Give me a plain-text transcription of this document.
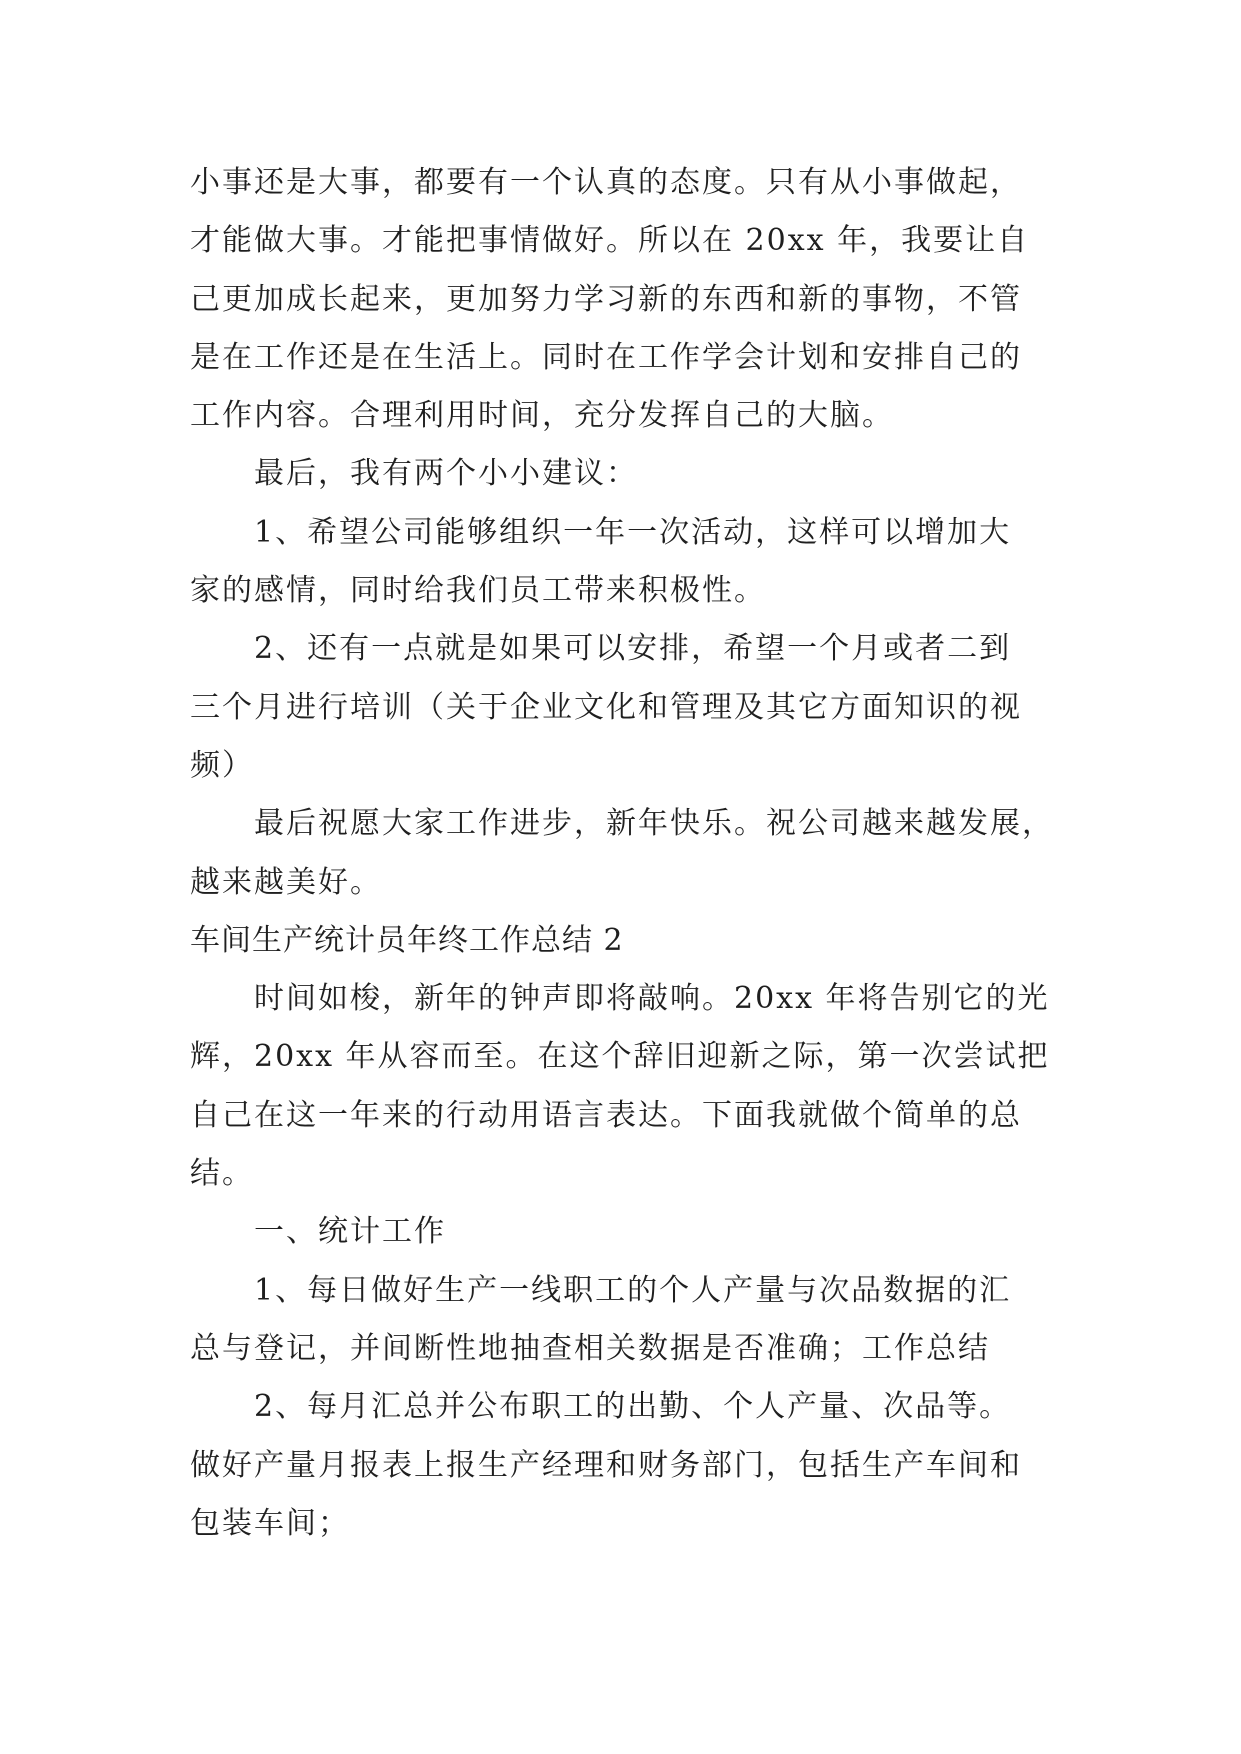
小事还是大事，都要有一个认真的态度。只有从小事做起，
才能做大事。才能把事情做好。所以在 20xx 年，我要让自
己更加成长起来，更加努力学习新的东西和新的事物，不管
是在工作还是在生活上。同时在工作学会计划和安排自己的
工作内容。合理利用时间，充分发挥自己的大脑。
最后，我有两个小小建议：
1、希望公司能够组织一年一次活动，这样可以增加大
家的感情，同时给我们员工带来积极性。
2、还有一点就是如果可以安排，希望一个月或者二到
三个月进行培训（关于企业文化和管理及其它方面知识的视
频）
最后祝愿大家工作进步，新年快乐。祝公司越来越发展，
越来越美好。
车间生产统计员年终工作总结 2
时间如梭，新年的钟声即将敲响。20xx 年将告别它的光
辉，20xx 年从容而至。在这个辞旧迎新之际，第一次尝试把
自己在这一年来的行动用语言表达。下面我就做个简单的总
结。
一、统计工作
1、每日做好生产一线职工的个人产量与次品数据的汇
总与登记，并间断性地抽查相关数据是否准确；工作总结
2、每月汇总并公布职工的出勤、个人产量、次品等。
做好产量月报表上报生产经理和财务部门，包括生产车间和
包装车间；
